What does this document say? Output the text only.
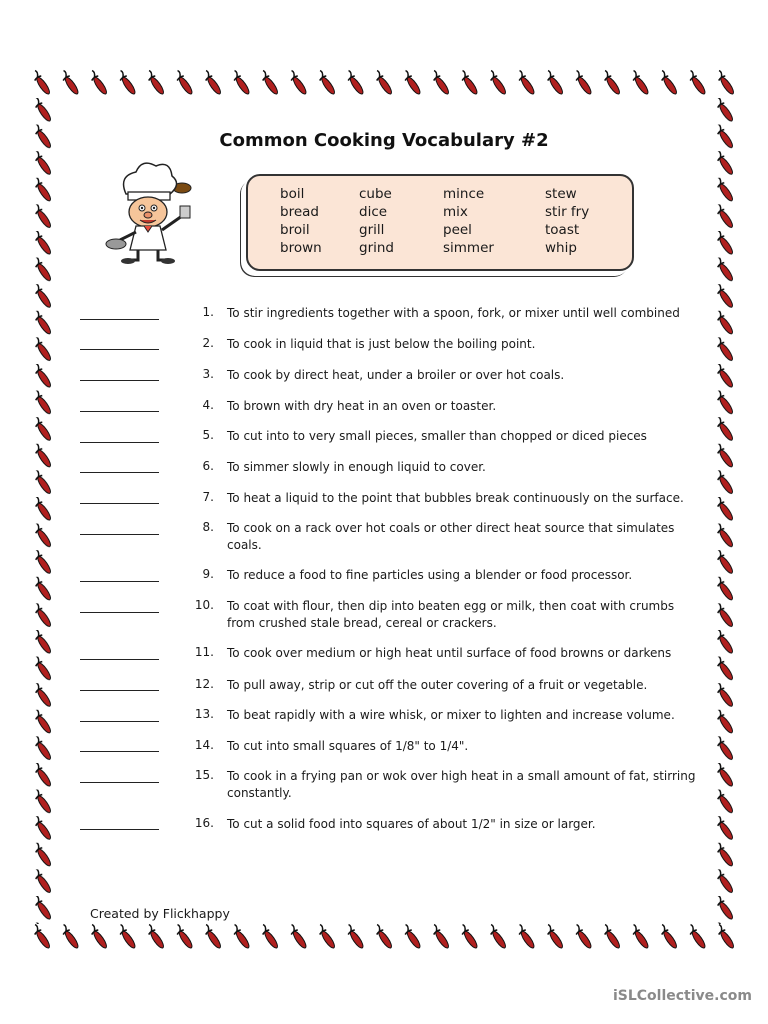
Common Cooking Vocabulary #2
boil
bread
broil
brown
cube
dice
grill
grind
mince
mix
peel
simmer
stew
stir fry
toast
whip
1. To stir ingredients together with a spoon, fork, or mixer until well combined
2. To cook in liquid that is just below the boiling point.
3. To cook by direct heat, under a broiler or over hot coals.
4. To brown with dry heat in an oven or toaster.
5. To cut into to very small pieces, smaller than chopped or diced pieces
6. To simmer slowly in enough liquid to cover.
7. To heat a liquid to the point that bubbles break continuously on the surface.
8. To cook on a rack over hot coals or other direct heat source that simulates coals.
9. To reduce a food to fine particles using a blender or food processor.
10. To coat with flour, then dip into beaten egg or milk, then coat with crumbs from crushed stale bread, cereal or crackers.
11. To cook over medium or high heat until surface of food browns or darkens
12. To pull away, strip or cut off the outer covering of a fruit or vegetable.
13. To beat rapidly with a wire whisk, or mixer to lighten and increase volume.
14. To cut into small squares of 1/8" to 1/4".
15. To cook in a frying pan or wok over high heat in a small amount of fat, stirring constantly.
16. To cut a solid food into squares of about 1/2" in size or larger.
Created by Flickhappy
iSLCollective.com
